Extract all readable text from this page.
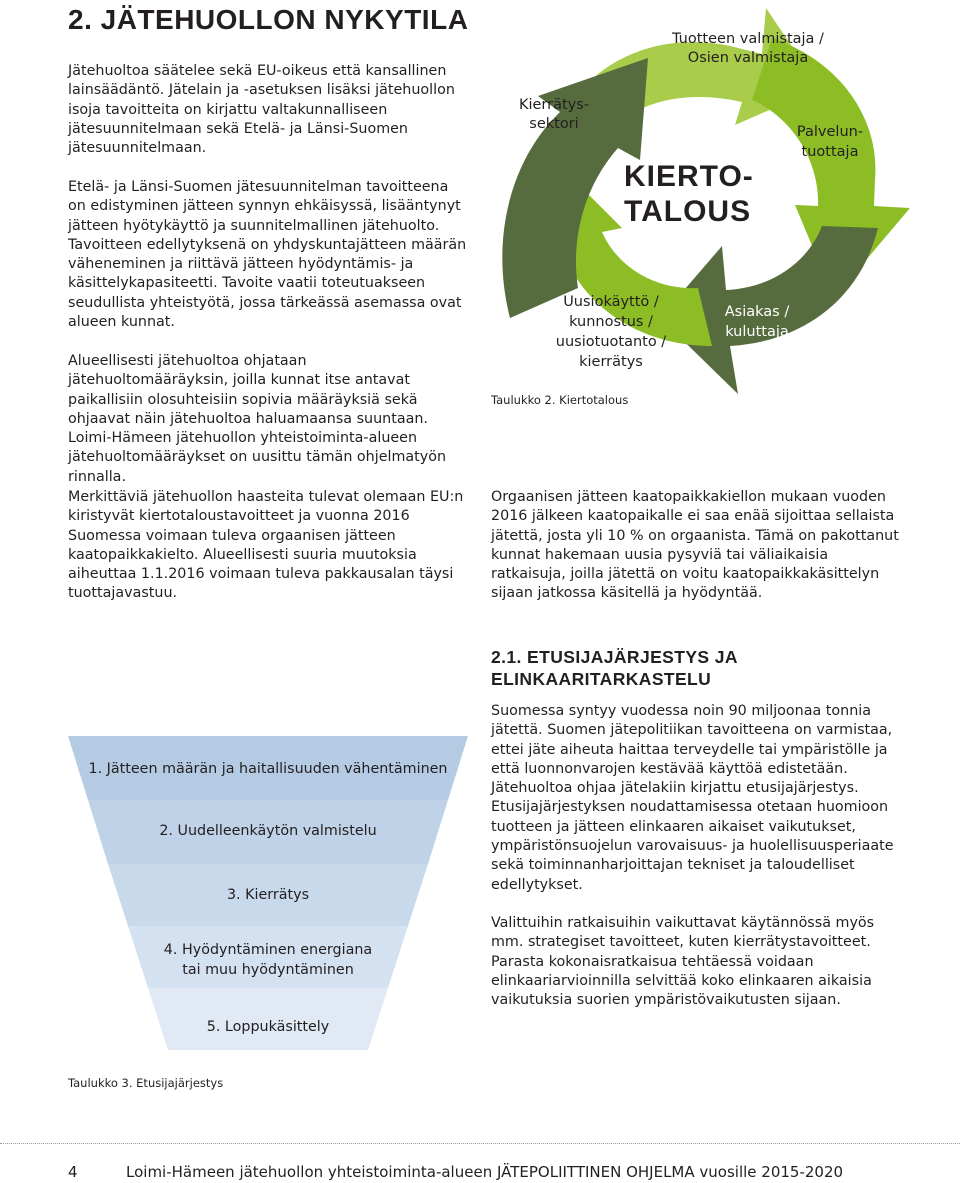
2. JÄTEHUOLLON NYKYTILA

Jätehuoltoa säätelee sekä EU-oikeus että kansallinen lainsäädäntö. Jätelain ja -asetuksen lisäksi jätehuollon isoja tavoitteita on kirjattu valtakunnalliseen jätesuunnitelmaan sekä Etelä- ja Länsi-Suomen jätesuunnitelmaan.

Etelä- ja Länsi-Suomen jätesuunnitelman tavoitteena on edistyminen jätteen synnyn ehkäisyssä, lisääntynyt jätteen hyötykäyttö ja suunnitelmallinen jätehuolto. Tavoitteen edellytyksenä on yhdyskuntajätteen määrän väheneminen ja riittävä jätteen hyödyntämis- ja käsittelykapasiteetti. Tavoite vaatii toteutuakseen seudullista yhteistyötä, jossa tärkeässä asemassa ovat alueen kunnat.

Alueellisesti jätehuoltoa ohjataan jätehuoltomääräyksin, joilla kunnat itse antavat paikallisiin olosuhteisiin sopivia määräyksiä sekä ohjaavat näin jätehuoltoa haluamaansa suuntaan. Loimi-Hämeen jätehuollon yhteistoiminta-alueen jätehuoltomääräykset on uusittu tämän ohjelmatyön rinnalla.

Merkittäviä jätehuollon haasteita tulevat olemaan EU:n kiristyvät kiertotaloustavoitteet ja vuonna 2016 Suomessa voimaan tuleva orgaanisen jätteen kaatopaikkakielto. Alueellisesti suuria muutoksia aiheuttaa 1.1.2016 voimaan tuleva pakkausalan täysi tuottajavastuu.

Tuotteen valmistaja /
Osien valmistaja
Palvelun-
tuottaja
Asiakas /
kuluttaja
Uusiokäyttö /
kunnostus /
uusiotuotanto /
kierrätys
Kierrätys-
sektori
KIERTO-
TALOUS

Taulukko 2. Kiertotalous

Orgaanisen jätteen kaatopaikkakiellon mukaan vuoden 2016 jälkeen kaatopaikalle ei saa enää sijoittaa sellaista jätettä, josta yli 10 % on orgaanista. Tämä on pakottanut kunnat hakemaan uusia pysyviä tai väliaikaisia ratkaisuja, joilla jätettä on voitu kaatopaikkakäsittelyn sijaan jatkossa käsitellä ja hyödyntää.

2.1. ETUSIJAJÄRJESTYS JA ELINKAARITARKASTELU

Suomessa syntyy vuodessa noin 90 miljoonaa tonnia jätettä. Suomen jätepolitiikan tavoitteena on varmistaa, ettei jäte aiheuta haittaa terveydelle tai ympäristölle ja että luonnonvarojen kestävää käyttöä edistetään. Jätehuoltoa ohjaa jätelakiin kirjattu etusijajärjestys. Etusijajärjestyksen noudattamisessa otetaan huomioon tuotteen ja jätteen elinkaaren aikaiset vaikutukset, ympäristönsuojelun varovaisuus- ja huolellisuusperiaate sekä toiminnanharjoittajan tekniset ja taloudelliset edellytykset.

Valittuihin ratkaisuihin vaikuttavat käytännössä myös mm. strategiset tavoitteet, kuten kierrätystavoitteet. Parasta kokonaisratkaisua tehtäessä voidaan elinkaariarvioinnilla selvittää koko elinkaaren aikaisia vaikutuksia suorien ympäristövaikutusten sijaan.

1. Jätteen määrän ja haitallisuuden vähentäminen
2. Uudelleenkäytön valmistelu
3. Kierrätys
4. Hyödyntäminen energiana
tai muu hyödyntäminen
5. Loppukäsittely

Taulukko 3. Etusijajärjestys

4	Loimi-Hämeen jätehuollon yhteistoiminta-alueen JÄTEPOLIITTINEN OHJELMA vuosille 2015-2020
